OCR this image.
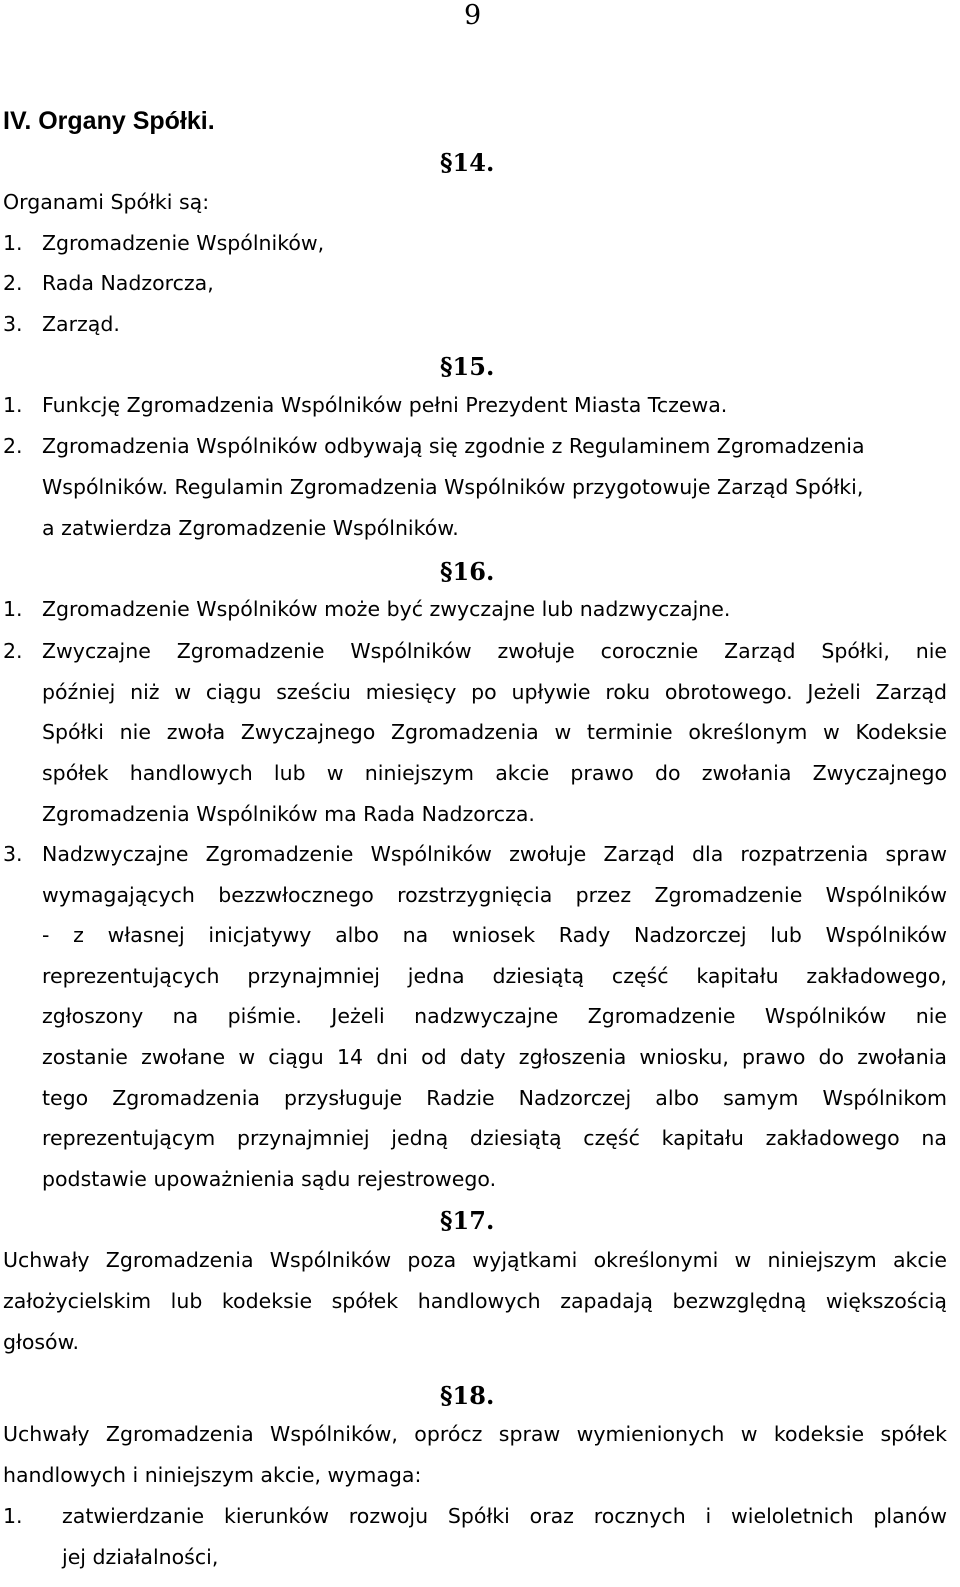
9
IV. Organy Spółki.
§14.
Organami Spółki są:
1. Zgromadzenie Wspólników,
2. Rada Nadzorcza,
3. Zarząd.
§15.
1. Funkcję Zgromadzenia Wspólników pełni Prezydent Miasta Tczewa.
2. Zgromadzenia Wspólników odbywają się zgodnie z Regulaminem Zgromadzenia
Wspólników. Regulamin Zgromadzenia Wspólników przygotowuje Zarząd Spółki,
a zatwierdza Zgromadzenie Wspólników.
§16.
1. Zgromadzenie Wspólników może być zwyczajne lub nadzwyczajne.
2. Zwyczajne Zgromadzenie Wspólników zwołuje corocznie Zarząd Spółki, nie
później niż w ciągu sześciu miesięcy po upływie roku obrotowego. Jeżeli Zarząd
Spółki nie zwoła Zwyczajnego Zgromadzenia w terminie określonym w Kodeksie
spółek handlowych lub w niniejszym akcie prawo do zwołania Zwyczajnego
Zgromadzenia Wspólników ma Rada Nadzorcza.
3. Nadzwyczajne Zgromadzenie Wspólników zwołuje Zarząd dla rozpatrzenia spraw
wymagających bezzwłocznego rozstrzygnięcia przez Zgromadzenie Wspólników
- z własnej inicjatywy albo na wniosek Rady Nadzorczej lub Wspólników
reprezentujących przynajmniej jedna dziesiątą część kapitału zakładowego,
zgłoszony na piśmie. Jeżeli nadzwyczajne Zgromadzenie Wspólników nie
zostanie zwołane w ciągu 14 dni od daty zgłoszenia wniosku, prawo do zwołania
tego Zgromadzenia przysługuje Radzie Nadzorczej albo samym Wspólnikom
reprezentującym przynajmniej jedną dziesiątą część kapitału zakładowego na
podstawie upoważnienia sądu rejestrowego.
§17.
Uchwały Zgromadzenia Wspólników poza wyjątkami określonymi w niniejszym akcie
założycielskim lub kodeksie spółek handlowych zapadają bezwzględną większością
głosów.
§18.
Uchwały Zgromadzenia Wspólników, oprócz spraw wymienionych w kodeksie spółek
handlowych i niniejszym akcie, wymaga:
1. zatwierdzanie kierunków rozwoju Spółki oraz rocznych i wieloletnich planów
jej działalności,
